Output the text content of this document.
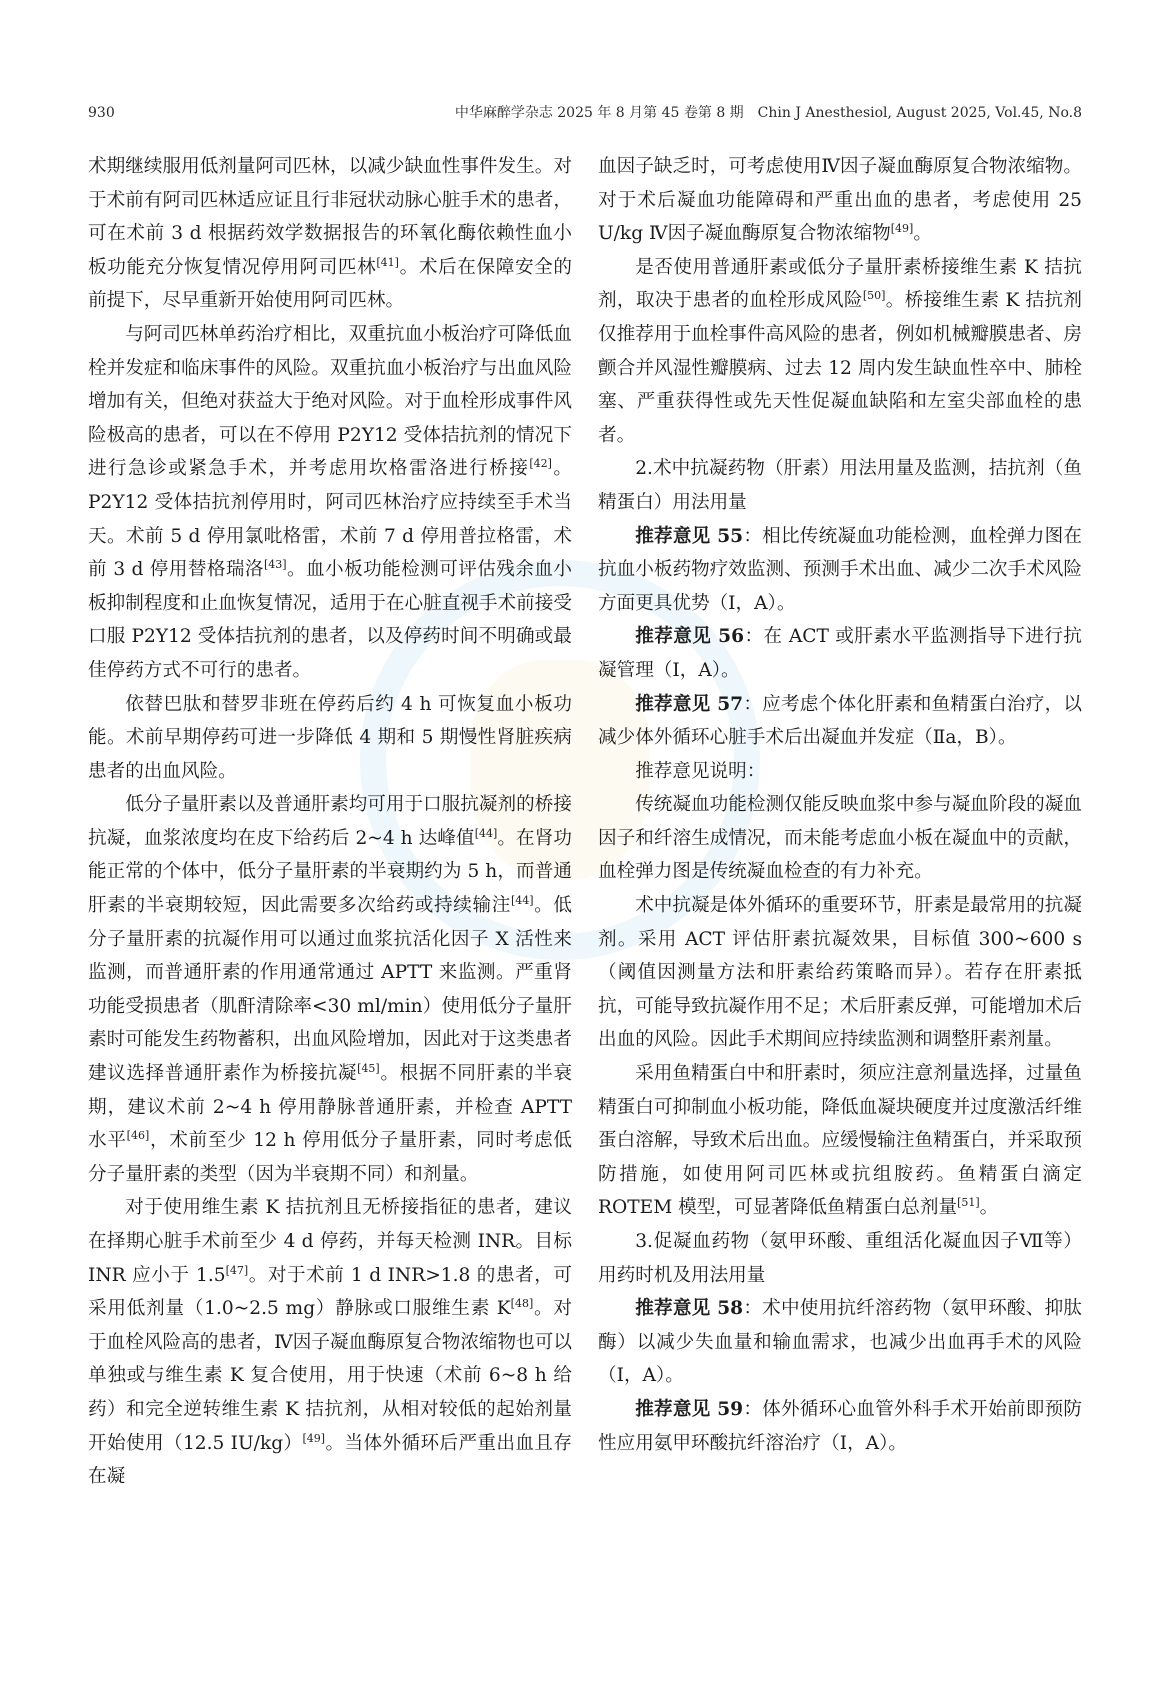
930	中华麻醉学杂志 2025 年 8 月第 45 卷第 8 期　Chin J Anesthesiol, August 2025, Vol.45, No.8

术期继续服用低剂量阿司匹林，以减少缺血性事件发生。对于术前有阿司匹林适应证且行非冠状动脉心脏手术的患者，可在术前 3 d 根据药效学数据报告的环氧化酶依赖性血小板功能充分恢复情况停用阿司匹林[41]。术后在保障安全的前提下，尽早重新开始使用阿司匹林。

与阿司匹林单药治疗相比，双重抗血小板治疗可降低血栓并发症和临床事件的风险。双重抗血小板治疗与出血风险增加有关，但绝对获益大于绝对风险。对于血栓形成事件风险极高的患者，可以在不停用 P2Y12 受体拮抗剂的情况下进行急诊或紧急手术，并考虑用坎格雷洛进行桥接[42]。P2Y12 受体拮抗剂停用时，阿司匹林治疗应持续至手术当天。术前 5 d 停用氯吡格雷，术前 7 d 停用普拉格雷，术前 3 d 停用替格瑞洛[43]。血小板功能检测可评估残余血小板抑制程度和止血恢复情况，适用于在心脏直视手术前接受口服 P2Y12 受体拮抗剂的患者，以及停药时间不明确或最佳停药方式不可行的患者。

依替巴肽和替罗非班在停药后约 4 h 可恢复血小板功能。术前早期停药可进一步降低 4 期和 5 期慢性肾脏疾病患者的出血风险。

低分子量肝素以及普通肝素均可用于口服抗凝剂的桥接抗凝，血浆浓度均在皮下给药后 2~4 h 达峰值[44]。在肾功能正常的个体中，低分子量肝素的半衰期约为 5 h，而普通肝素的半衰期较短，因此需要多次给药或持续输注[44]。低分子量肝素的抗凝作用可以通过血浆抗活化因子 X 活性来监测，而普通肝素的作用通常通过 APTT 来监测。严重肾功能受损患者（肌酐清除率<30 ml/min）使用低分子量肝素时可能发生药物蓄积，出血风险增加，因此对于这类患者建议选择普通肝素作为桥接抗凝[45]。根据不同肝素的半衰期，建议术前 2~4 h 停用静脉普通肝素，并检查 APTT 水平[46]，术前至少 12 h 停用低分子量肝素，同时考虑低分子量肝素的类型（因为半衰期不同）和剂量。

对于使用维生素 K 拮抗剂且无桥接指征的患者，建议在择期心脏手术前至少 4 d 停药，并每天检测 INR。目标 INR 应小于 1.5[47]。对于术前 1 d INR>1.8 的患者，可采用低剂量（1.0~2.5 mg）静脉或口服维生素 K[48]。对于血栓风险高的患者，Ⅳ因子凝血酶原复合物浓缩物也可以单独或与维生素 K 复合使用，用于快速（术前 6~8 h 给药）和完全逆转维生素 K 拮抗剂，从相对较低的起始剂量开始使用（12.5 IU/kg）[49]。当体外循环后严重出血且存在凝

血因子缺乏时，可考虑使用Ⅳ因子凝血酶原复合物浓缩物。对于术后凝血功能障碍和严重出血的患者，考虑使用 25 U/kg Ⅳ因子凝血酶原复合物浓缩物[49]。

是否使用普通肝素或低分子量肝素桥接维生素 K 拮抗剂，取决于患者的血栓形成风险[50]。桥接维生素 K 拮抗剂仅推荐用于血栓事件高风险的患者，例如机械瓣膜患者、房颤合并风湿性瓣膜病、过去 12 周内发生缺血性卒中、肺栓塞、严重获得性或先天性促凝血缺陷和左室尖部血栓的患者。

2.术中抗凝药物（肝素）用法用量及监测，拮抗剂（鱼精蛋白）用法用量

推荐意见 55：相比传统凝血功能检测，血栓弹力图在抗血小板药物疗效监测、预测手术出血、减少二次手术风险方面更具优势（Ⅰ，A）。

推荐意见 56：在 ACT 或肝素水平监测指导下进行抗凝管理（Ⅰ，A）。

推荐意见 57：应考虑个体化肝素和鱼精蛋白治疗，以减少体外循环心脏手术后出凝血并发症（Ⅱa，B）。

推荐意见说明：

传统凝血功能检测仅能反映血浆中参与凝血阶段的凝血因子和纤溶生成情况，而未能考虑血小板在凝血中的贡献，血栓弹力图是传统凝血检查的有力补充。

术中抗凝是体外循环的重要环节，肝素是最常用的抗凝剂。采用 ACT 评估肝素抗凝效果，目标值 300~600 s（阈值因测量方法和肝素给药策略而异）。若存在肝素抵抗，可能导致抗凝作用不足；术后肝素反弹，可能增加术后出血的风险。因此手术期间应持续监测和调整肝素剂量。

采用鱼精蛋白中和肝素时，须应注意剂量选择，过量鱼精蛋白可抑制血小板功能，降低血凝块硬度并过度激活纤维蛋白溶解，导致术后出血。应缓慢输注鱼精蛋白，并采取预防措施，如使用阿司匹林或抗组胺药。鱼精蛋白滴定 ROTEM 模型，可显著降低鱼精蛋白总剂量[51]。

3.促凝血药物（氨甲环酸、重组活化凝血因子Ⅶ等）用药时机及用法用量

推荐意见 58：术中使用抗纤溶药物（氨甲环酸、抑肽酶）以减少失血量和输血需求，也减少出血再手术的风险（Ⅰ，A）。

推荐意见 59：体外循环心血管外科手术开始前即预防性应用氨甲环酸抗纤溶治疗（Ⅰ，A）。
